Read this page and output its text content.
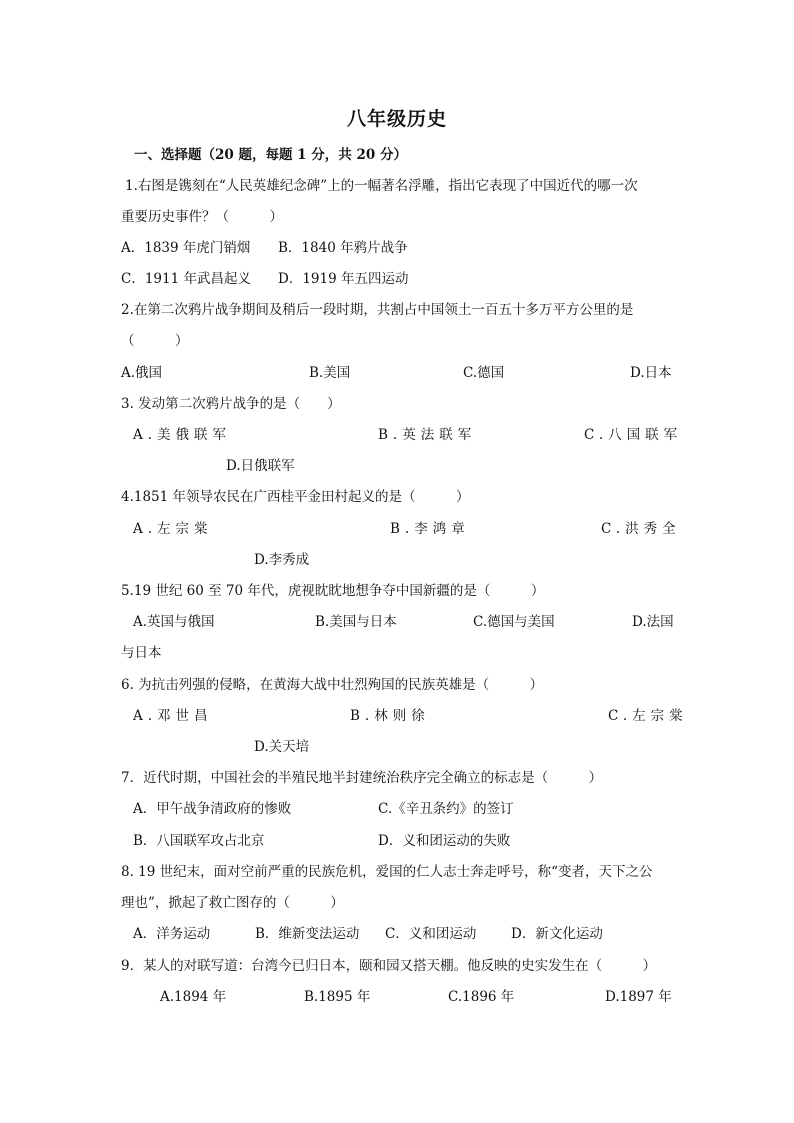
八年级历史
一、选择题（20 题，每题 1 分，共 20 分）
1.右图是镌刻在“人民英雄纪念碑”上的一幅著名浮雕，指出它表现了中国近代的哪一次
重要历史事件？（　　　）
A．1839 年虎门销烟 B．1840 年鸦片战争
C．1911 年武昌起义 D．1919 年五四运动
2.在第二次鸦片战争期间及稍后一段时期，共割占中国领土一百五十多万平方公里的是
（　　　）
A.俄国	B.美国	C.德国	D.日本
3. 发动第二次鸦片战争的是（　　）
A.美俄联军	B.英法联军	C.八国联军
D.日俄联军
4.1851 年领导农民在广西桂平金田村起义的是（　　　）
A.左宗棠	B.李鸿章	C.洪秀全
D.李秀成
5.19 世纪 60 至 70 年代，虎视眈眈地想争夺中国新疆的是（　　　）
A.英国与俄国	B.美国与日本	C.德国与美国	D.法国
与日本
6. 为抗击列强的侵略，在黄海大战中壮烈殉国的民族英雄是（　　　）
A.邓世昌	B.林则徐	C.左宗棠
D.关天培
7．近代时期，中国社会的半殖民地半封建统治秩序完全确立的标志是（　　　）
A．甲午战争清政府的惨败	C.《辛丑条约》的签订
B．八国联军攻占北京	D．义和团运动的失败
8. 19 世纪末，面对空前严重的民族危机，爱国的仁人志士奔走呼号，称“变者，天下之公
理也”，掀起了救亡图存的（　　　）
A．洋务运动	B．维新变法运动 C．义和团运动	D．新文化运动
9．某人的对联写道：台湾今已归日本，颐和园又搭天棚。他反映的史实发生在（　　　）
A.1894 年	B.1895 年	C.1896 年	D.1897 年
